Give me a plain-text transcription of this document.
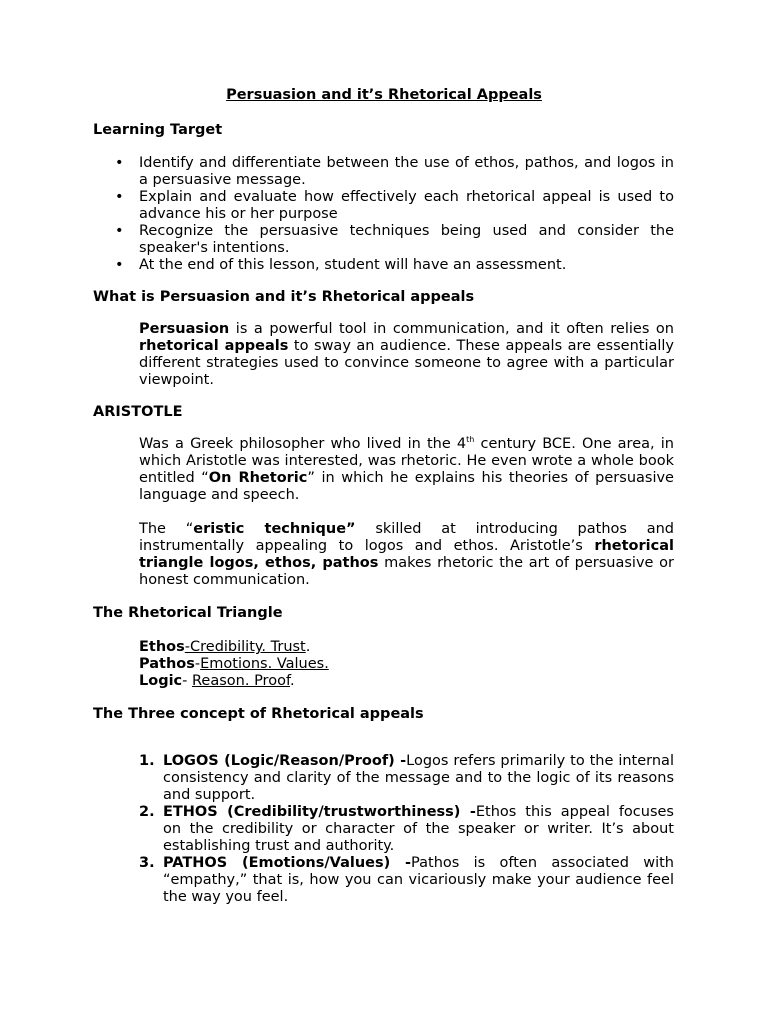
Persuasion and it’s Rhetorical Appeals
Learning Target
• Identify and differentiate between the use of ethos, pathos, and logos in a persuasive message.
• Explain and evaluate how effectively each rhetorical appeal is used to advance his or her purpose
• Recognize the persuasive techniques being used and consider the speaker's intentions.
• At the end of this lesson, student will have an assessment.
What is Persuasion and it’s Rhetorical appeals

Persuasion is a powerful tool in communication, and it often relies on rhetorical appeals to sway an audience. These appeals are essentially different strategies used to convince someone to agree with a particular viewpoint.

ARISTOTLE

Was a Greek philosopher who lived in the 4th century BCE. One area, in which Aristotle was interested, was rhetoric. He even wrote a whole book entitled “On Rhetoric” in which he explains his theories of persuasive language and speech.

The “eristic technique” skilled at introducing pathos and instrumentally appealing to logos and ethos. Aristotle’s rhetorical triangle logos, ethos, pathos makes rhetoric the art of persuasive or honest communication.

The Rhetorical Triangle
Ethos-Credibility. Trust.
Pathos-Emotions. Values.
Logic- Reason. Proof.
The Three concept of Rhetorical appeals
1. LOGOS (Logic/Reason/Proof) -Logos refers primarily to the internal consistency and clarity of the message and to the logic of its reasons and support.
2. ETHOS (Credibility/trustworthiness) -Ethos this appeal focuses on the credibility or character of the speaker or writer. It’s about establishing trust and authority.
3. PATHOS (Emotions/Values) -Pathos is often associated with “empathy,” that is, how you can vicariously make your audience feel the way you feel.
